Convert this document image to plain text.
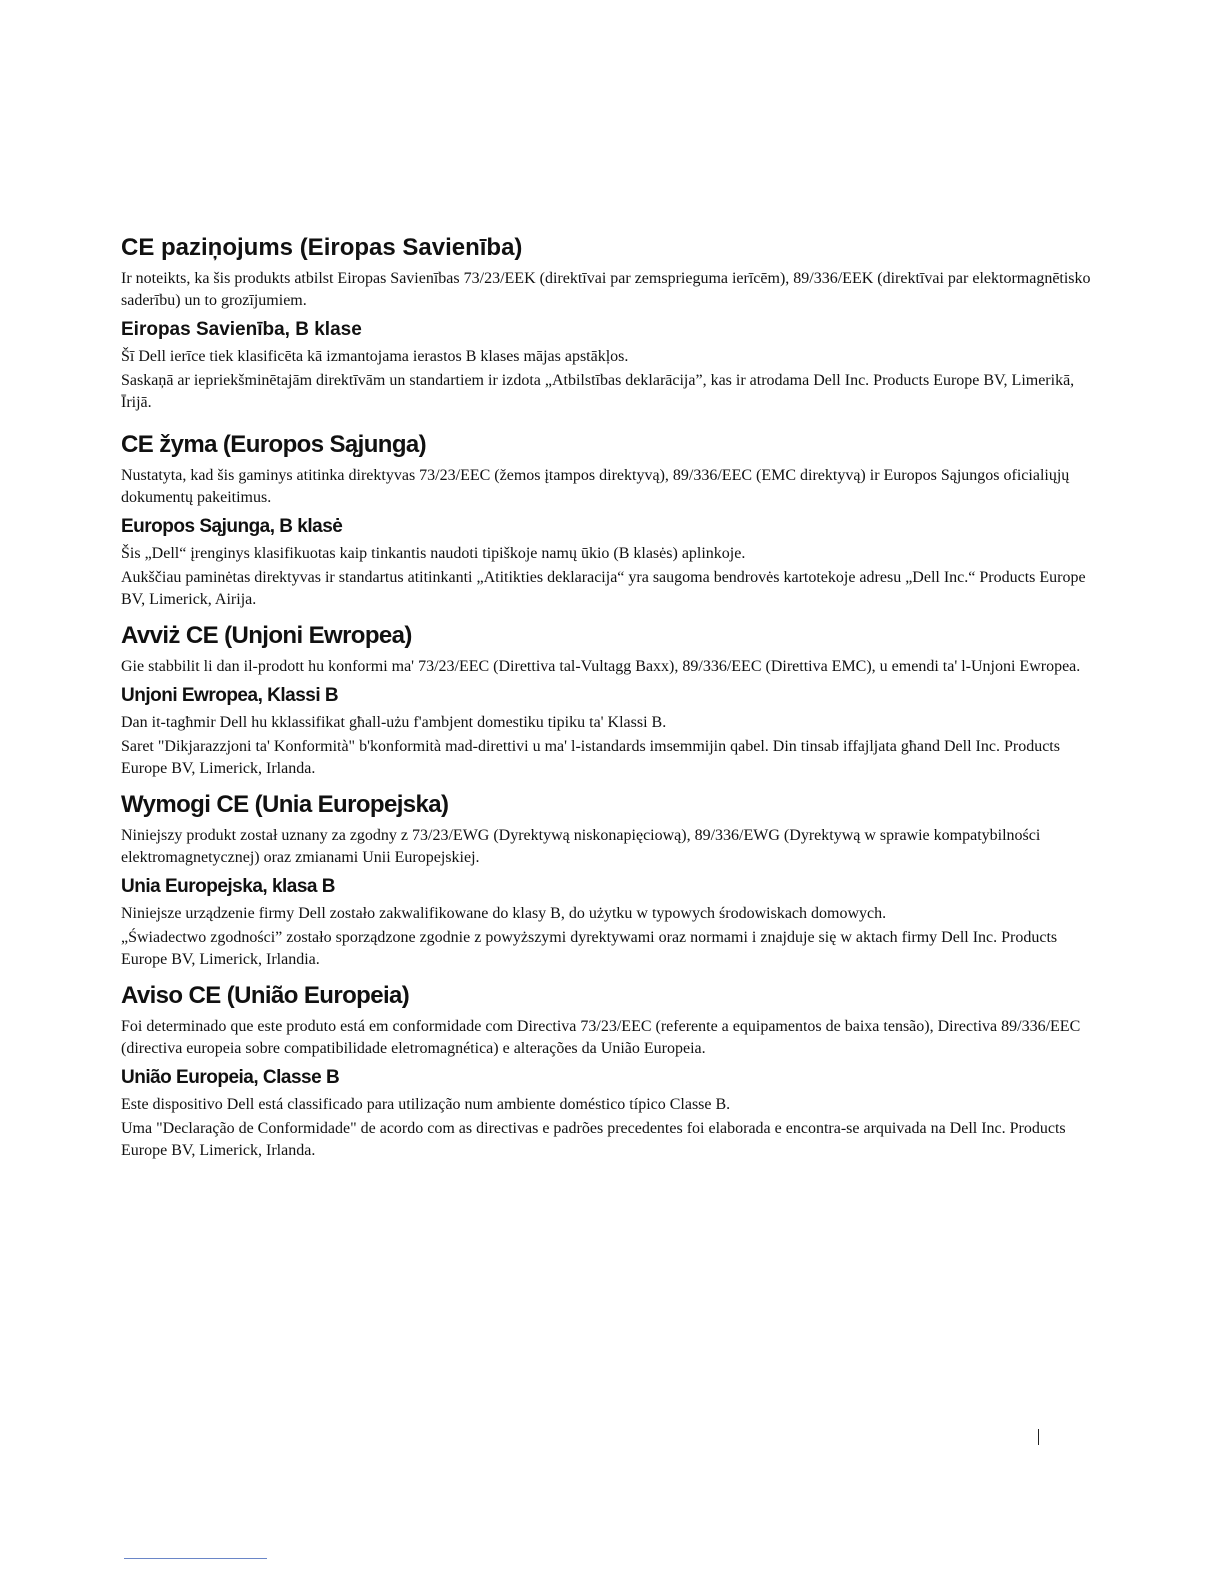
CE paziņojums (Eiropas Savienība)

Ir noteikts, ka šis produkts atbilst Eiropas Savienības 73/23/EEK (direktīvai par zemsprieguma ierīcēm), 89/336/EEK (direktīvai par elektormagnētisko saderību) un to grozījumiem.

Eiropas Savienība, B klase

Šī Dell ierīce tiek klasificēta kā izmantojama ierastos B klases mājas apstākļos.

Saskaņā ar iepriekšminētajām direktīvām un standartiem ir izdota „Atbilstības deklarācija”, kas ir atrodama Dell Inc. Products Europe BV, Limerikā, Īrijā.

CE žyma (Europos Sąjunga)

Nustatyta, kad šis gaminys atitinka direktyvas 73/23/EEC (žemos įtampos direktyvą), 89/336/EEC (EMC direktyvą) ir Europos Sąjungos oficialiųjų dokumentų pakeitimus.

Europos Sąjunga, B klasė

Šis „Dell“ įrenginys klasifikuotas kaip tinkantis naudoti tipiškoje namų ūkio (B klasės) aplinkoje.

Aukščiau paminėtas direktyvas ir standartus atitinkanti „Atitikties deklaracija“ yra saugoma bendrovės kartotekoje adresu „Dell Inc.“ Products Europe BV, Limerick, Airija.

Avviż CE (Unjoni Ewropea)

Gie stabbilit li dan il-prodott hu konformi ma' 73/23/EEC (Direttiva tal-Vultagg Baxx), 89/336/EEC (Direttiva EMC), u emendi ta' l-Unjoni Ewropea.

Unjoni Ewropea, Klassi B

Dan it-tagħmir Dell hu kklassifikat għall-użu f'ambjent domestiku tipiku ta' Klassi B.

Saret "Dikjarazzjoni ta' Konformità" b'konformità mad-direttivi u ma' l-istandards imsemmijin qabel. Din tinsab iffajljata għand Dell Inc. Products Europe BV, Limerick, Irlanda.

Wymogi CE (Unia Europejska)

Niniejszy produkt został uznany za zgodny z 73/23/EWG (Dyrektywą niskonapięciową), 89/336/EWG (Dyrektywą w sprawie kompatybilności elektromagnetycznej) oraz zmianami Unii Europejskiej.

Unia Europejska, klasa B

Niniejsze urządzenie firmy Dell zostało zakwalifikowane do klasy B, do użytku w typowych środowiskach domowych.

„Świadectwo zgodności” zostało sporządzone zgodnie z powyższymi dyrektywami oraz normami i znajduje się w aktach firmy Dell Inc. Products Europe BV, Limerick, Irlandia.

Aviso CE (União Europeia)

Foi determinado que este produto está em conformidade com Directiva 73/23/EEC (referente a equipamentos de baixa tensão), Directiva 89/336/EEC (directiva europeia sobre compatibilidade eletromagnética) e alterações da União Europeia.

União Europeia, Classe B

Este dispositivo Dell está classificado para utilização num ambiente doméstico típico Classe B.

Uma "Declaração de Conformidade" de acordo com as directivas e padrões precedentes foi elaborada e encontra-se arquivada na Dell Inc. Products Europe BV, Limerick, Irlanda.
